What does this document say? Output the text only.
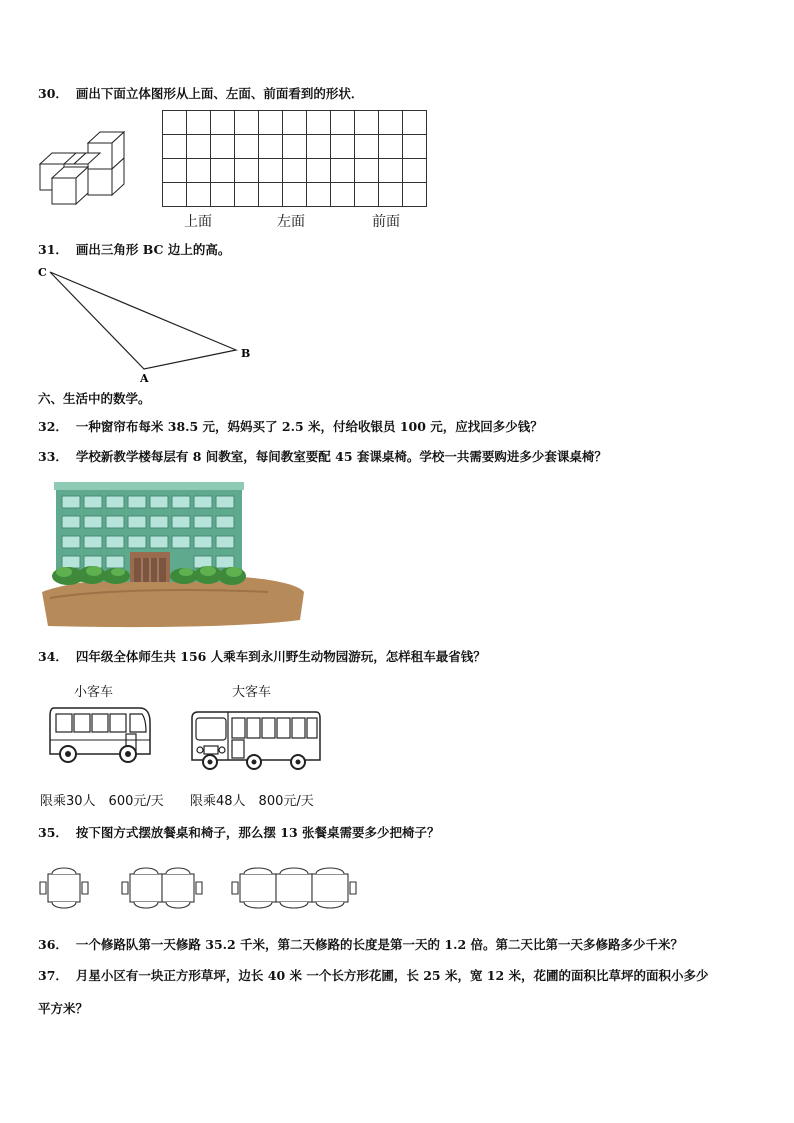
30． 画出下面立体图形从上面、左面、前面看到的形状．
上面	左面	前面
31． 画出三角形 BC 边上的高。
C
B
A
六、生活中的数学。
32． 一种窗帘布每米 38.5 元，妈妈买了 2.5 米，付给收银员 100 元，应找回多少钱？
33． 学校新教学楼每层有 8 间教室，每间教室要配 45 套课桌椅。学校一共需要购进多少套课桌椅？
34． 四年级全体师生共 156 人乘车到永川野生动物园游玩，怎样租车最省钱？
小客车	大客车
限乘30人　600元/天 限乘48人　800元/天
35． 按下图方式摆放餐桌和椅子，那么摆 13 张餐桌需要多少把椅子？
36． 一个修路队第一天修路 35.2 千米，第二天修路的长度是第一天的 1.2 倍。第二天比第一天多修路多少千米？
37． 月星小区有一块正方形草坪，边长 40 米 一个长方形花圃，长 25 米，宽 12 米，花圃的面积比草坪的面积小多少
平方米？
